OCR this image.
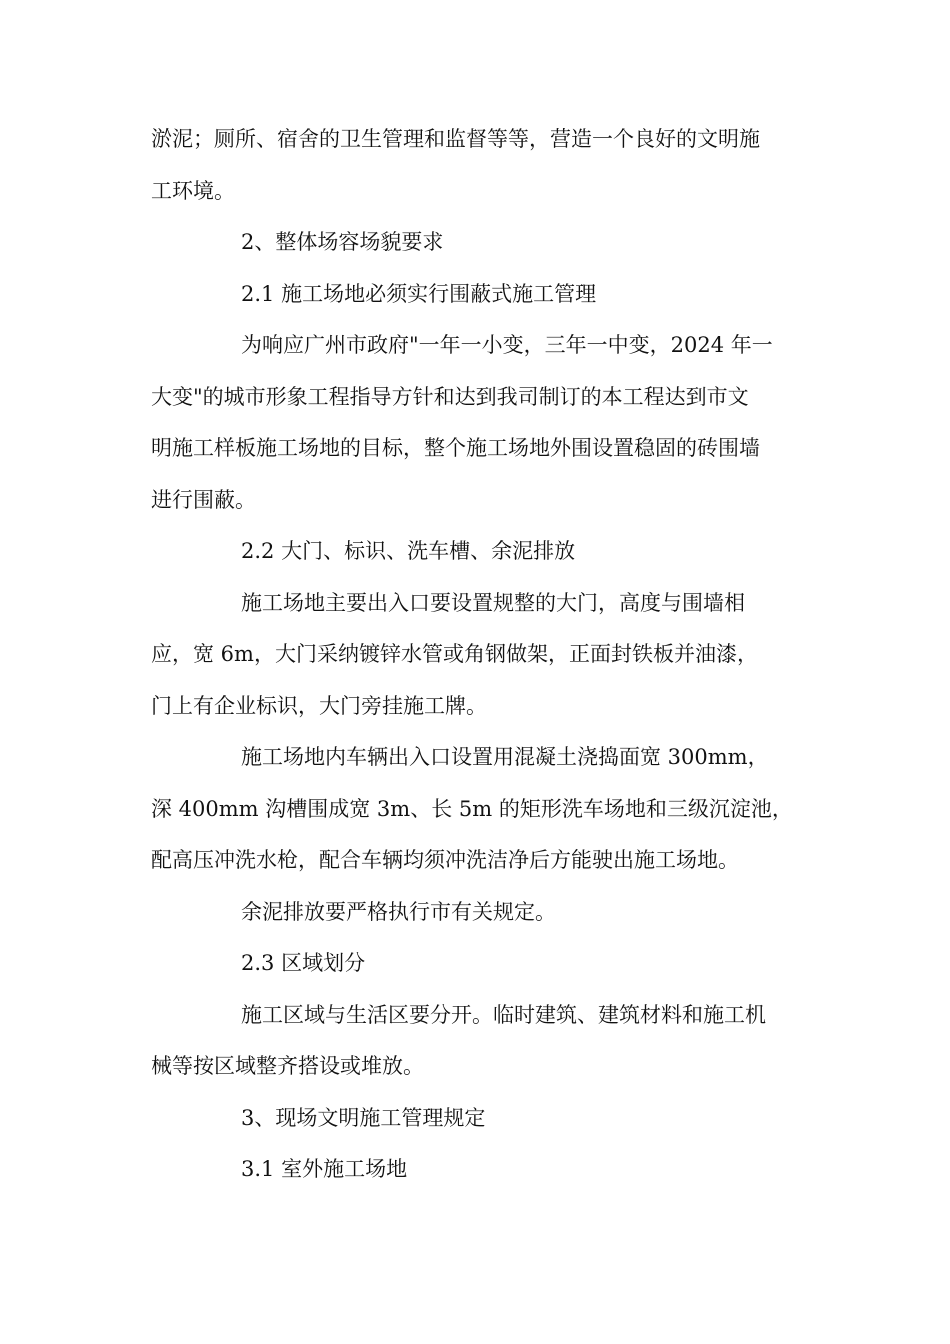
淤泥；厕所、宿舍的卫生管理和监督等等，营造一个良好的文明施

工环境。

2、整体场容场貌要求

2.1 施工场地必须实行围蔽式施工管理

为响应广州市政府"一年一小变，三年一中变，2024 年一

大变"的城市形象工程指导方针和达到我司制订的本工程达到市文

明施工样板施工场地的目标，整个施工场地外围设置稳固的砖围墙

进行围蔽。

2.2 大门、标识、洗车槽、余泥排放

施工场地主要出入口要设置规整的大门，高度与围墙相

应，宽 6m，大门采纳镀锌水管或角钢做架，正面封铁板并油漆，

门上有企业标识，大门旁挂施工牌。

施工场地内车辆出入口设置用混凝土浇捣面宽 300mm，

深 400mm 沟槽围成宽 3m、长 5m 的矩形洗车场地和三级沉淀池，

配高压冲洗水枪，配合车辆均须冲洗洁净后方能驶出施工场地。

余泥排放要严格执行市有关规定。

2.3 区域划分

施工区域与生活区要分开。临时建筑、建筑材料和施工机

械等按区域整齐搭设或堆放。

3、现场文明施工管理规定

3.1 室外施工场地
